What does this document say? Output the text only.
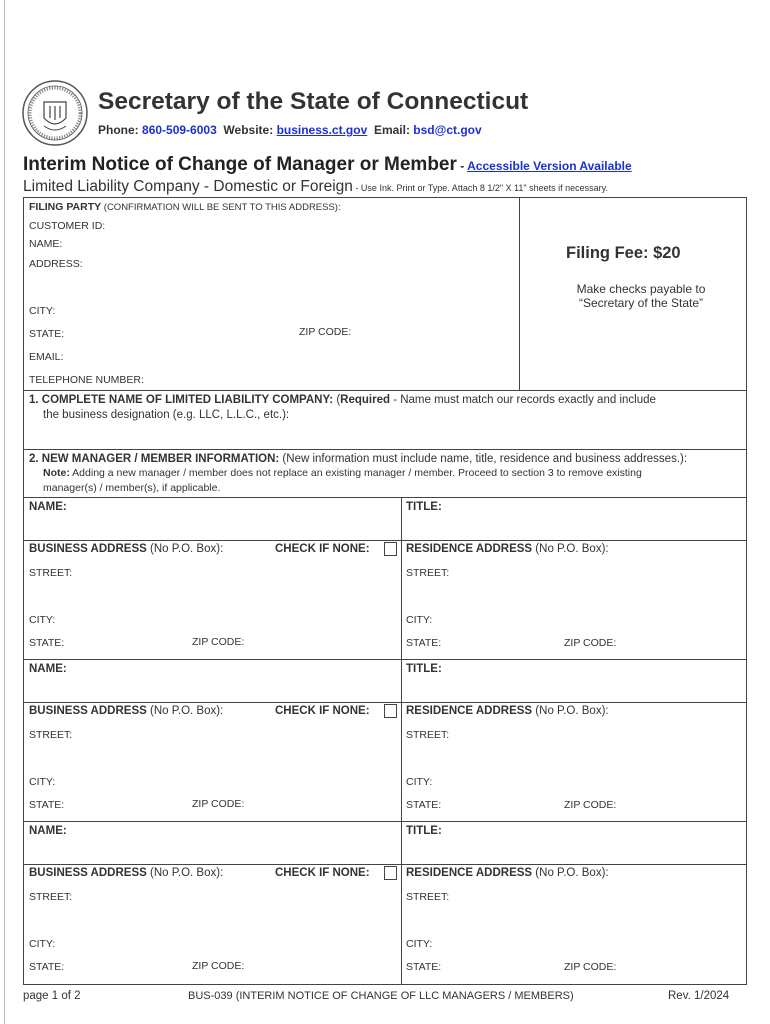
Secretary of the State of Connecticut
Phone: 860-509-6003 Website: business.ct.gov Email: bsd@ct.gov
Interim Notice of Change of Manager or Member - Accessible Version Available
Limited Liability Company - Domestic or Foreign - Use Ink. Print or Type. Attach 8 1/2" X 11" sheets if necessary.
FILING PARTY (CONFIRMATION WILL BE SENT TO THIS ADDRESS):
CUSTOMER ID:
NAME:
ADDRESS:
CITY:
STATE:	ZIP CODE:
EMAIL:
TELEPHONE NUMBER:
Filing Fee: $20
Make checks payable to
“Secretary of the State”
1. COMPLETE NAME OF LIMITED LIABILITY COMPANY: (Required - Name must match our records exactly and include
the business designation (e.g. LLC, L.L.C., etc.):
2. NEW MANAGER / MEMBER INFORMATION: (New information must include name, title, residence and business addresses.):
Note: Adding a new manager / member does not replace an existing manager / member. Proceed to section 3 to remove existing
manager(s) / member(s), if applicable.
NAME:	TITLE:
BUSINESS ADDRESS (No P.O. Box):	CHECK IF NONE:	RESIDENCE ADDRESS (No P.O. Box):
STREET:
CITY:
STATE:	ZIP CODE:
STREET:
CITY:
STATE:	ZIP CODE:
NAME:	TITLE:
BUSINESS ADDRESS (No P.O. Box):	CHECK IF NONE:	RESIDENCE ADDRESS (No P.O. Box):
STREET:
CITY:
STATE:	ZIP CODE:
STREET:
CITY:
STATE:	ZIP CODE:
NAME:	TITLE:
BUSINESS ADDRESS (No P.O. Box):	CHECK IF NONE:	RESIDENCE ADDRESS (No P.O. Box):
STREET:
CITY:
STATE:	ZIP CODE:
STREET:
CITY:
STATE:	ZIP CODE:
page 1 of 2	BUS-039 (INTERIM NOTICE OF CHANGE OF LLC MANAGERS / MEMBERS)	Rev. 1/2024
